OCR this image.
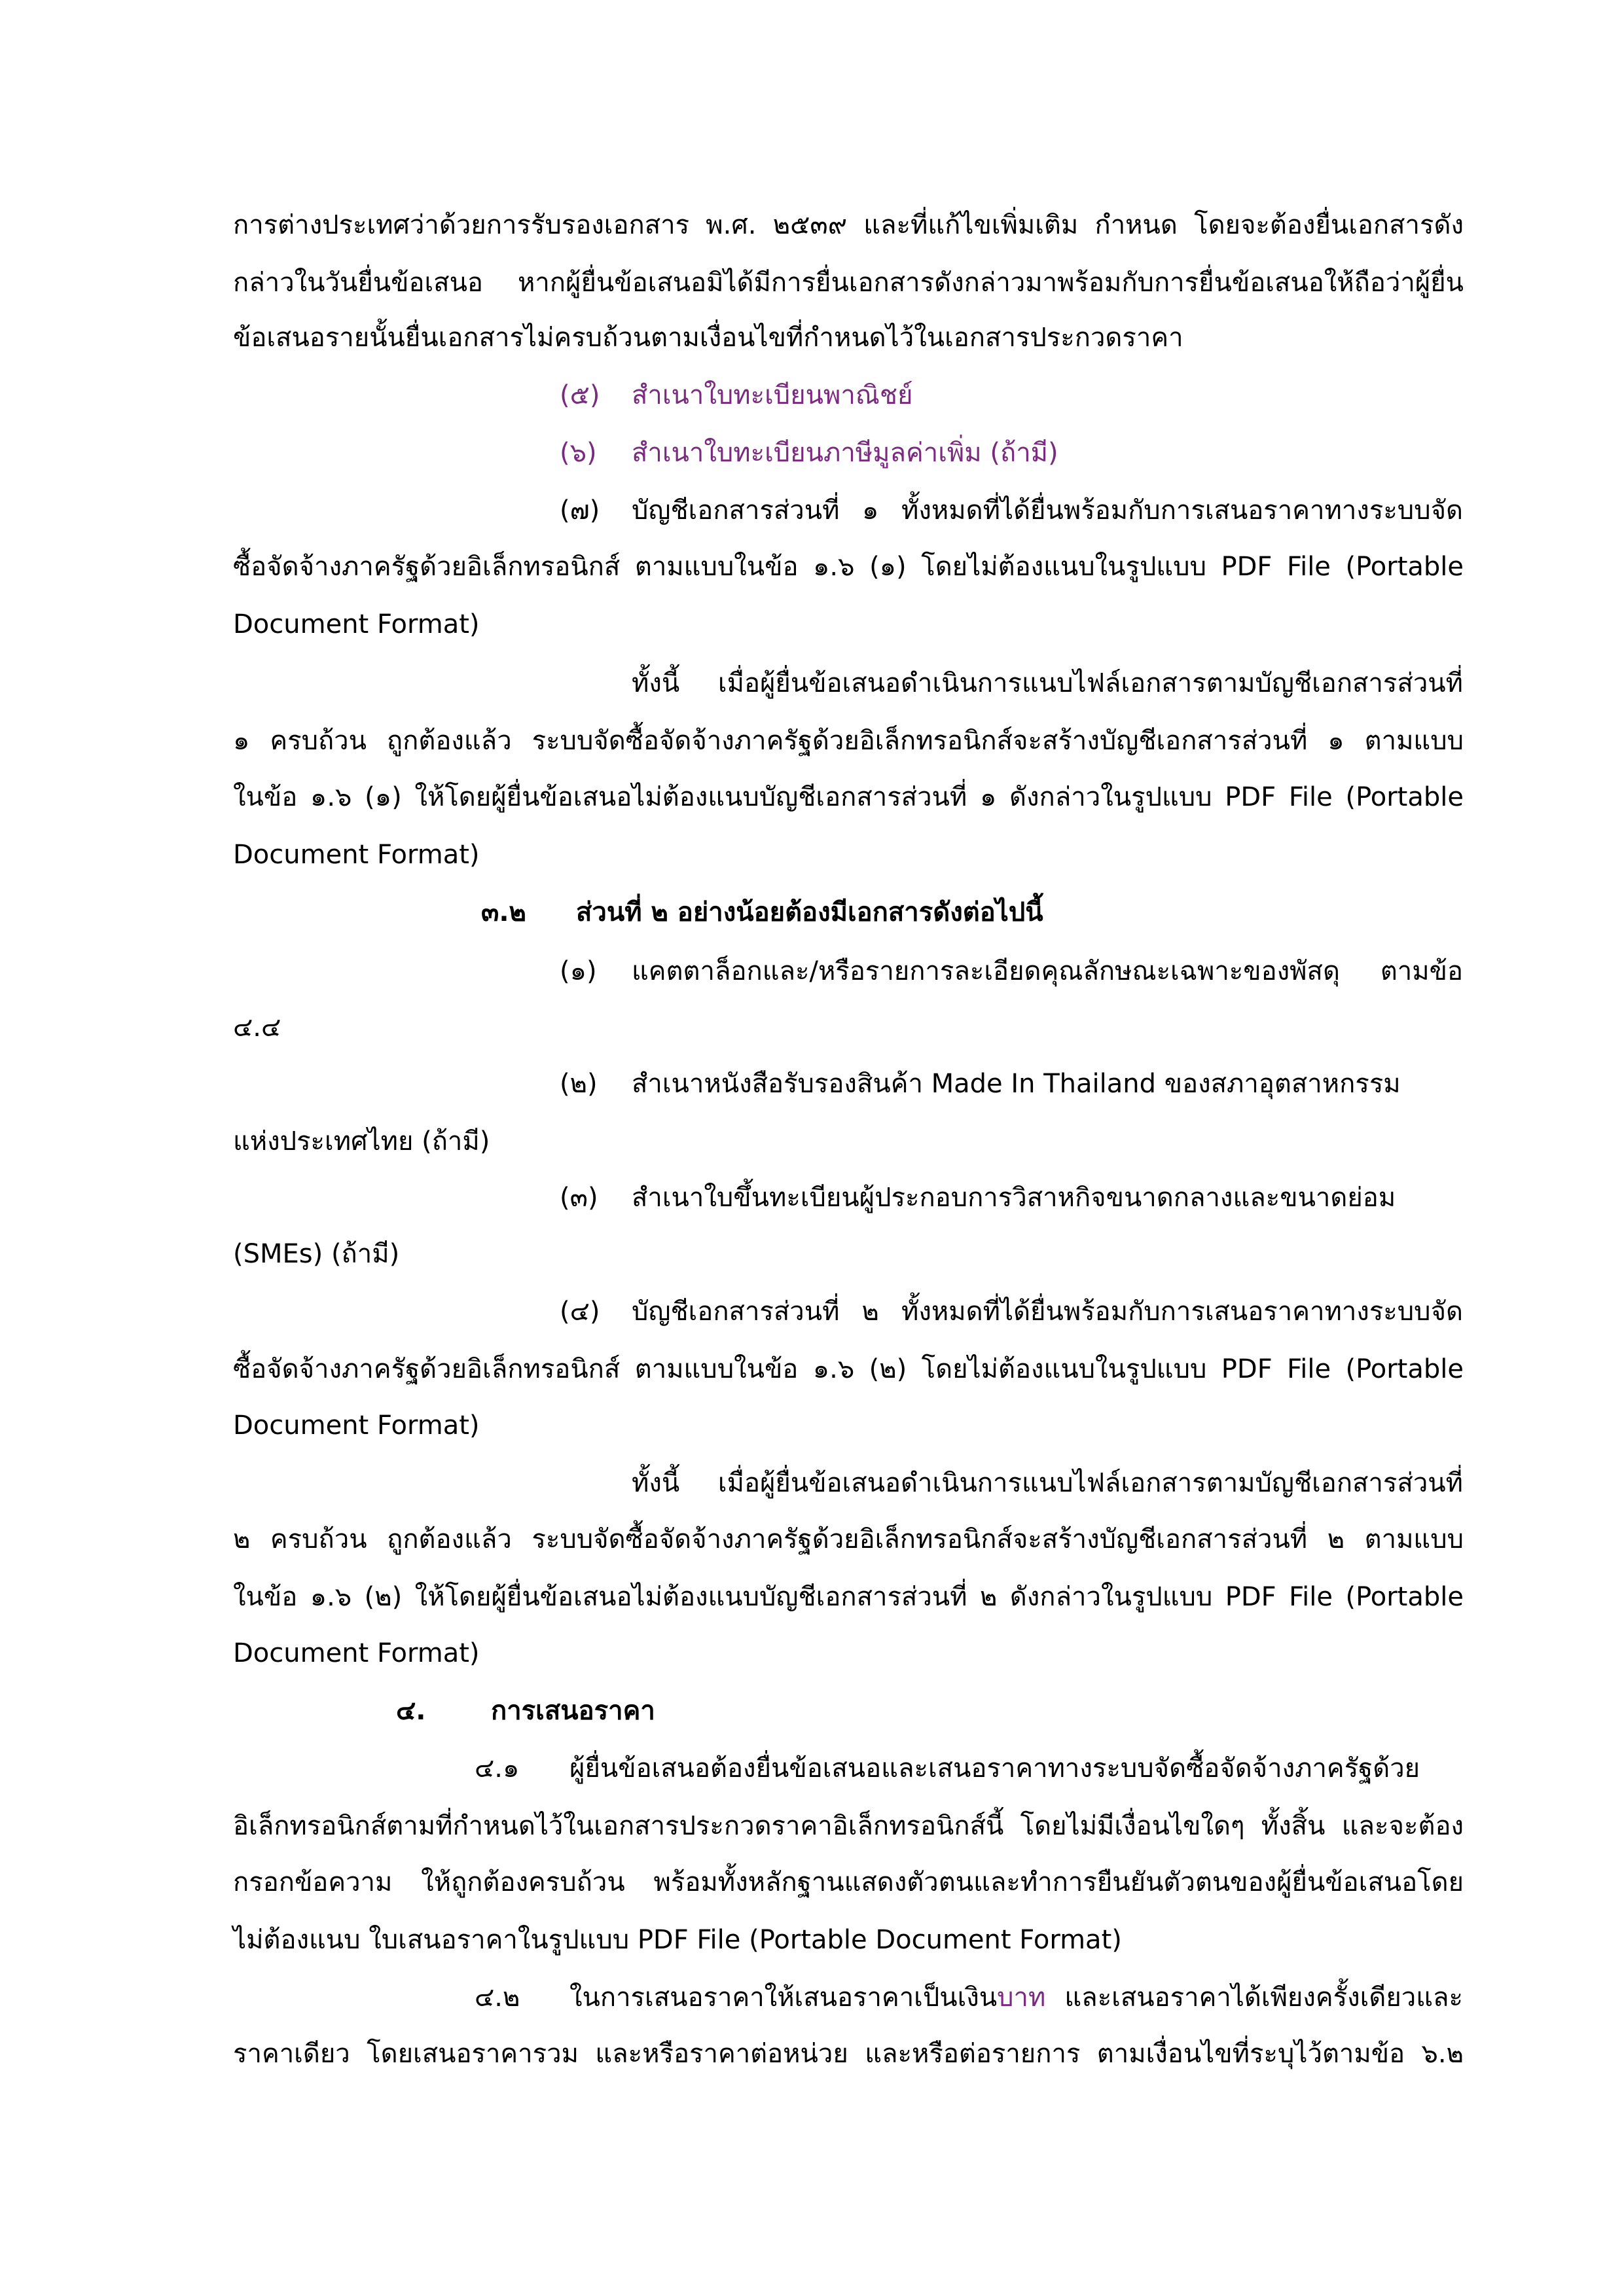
การต่างประเทศว่าด้วยการรับรองเอกสาร พ.ศ. ๒๕๓๙ และที่แก้ไขเพิ่มเติม กำหนด โดยจะต้องยื่นเอกสารดัง
กล่าวในวันยื่นข้อเสนอ หากผู้ยื่นข้อเสนอมิได้มีการยื่นเอกสารดังกล่าวมาพร้อมกับการยื่นข้อเสนอให้ถือว่าผู้ยื่น
ข้อเสนอรายนั้นยื่นเอกสารไม่ครบถ้วนตามเงื่อนไขที่กำหนดไว้ในเอกสารประกวดราคา
(๕) สำเนาใบทะเบียนพาณิชย์
(๖) สำเนาใบทะเบียนภาษีมูลค่าเพิ่ม (ถ้ามี)
(๗) บัญชีเอกสารส่วนที่ ๑ ทั้งหมดที่ได้ยื่นพร้อมกับการเสนอราคาทางระบบจัด
ซื้อจัดจ้างภาครัฐด้วยอิเล็กทรอนิกส์ ตามแบบในข้อ ๑.๖ (๑) โดยไม่ต้องแนบในรูปแบบ PDF File (Portable
Document Format)
ทั้งนี้ เมื่อผู้ยื่นข้อเสนอดำเนินการแนบไฟล์เอกสารตามบัญชีเอกสารส่วนที่
๑ ครบถ้วน ถูกต้องแล้ว ระบบจัดซื้อจัดจ้างภาครัฐด้วยอิเล็กทรอนิกส์จะสร้างบัญชีเอกสารส่วนที่ ๑ ตามแบบ
ในข้อ ๑.๖ (๑) ให้โดยผู้ยื่นข้อเสนอไม่ต้องแนบบัญชีเอกสารส่วนที่ ๑ ดังกล่าวในรูปแบบ PDF File (Portable
Document Format)
๓.๒ ส่วนที่ ๒ อย่างน้อยต้องมีเอกสารดังต่อไปนี้
(๑) แคตตาล็อกและ/หรือรายการละเอียดคุณลักษณะเฉพาะของพัสดุ ตามข้อ
๔.๔
(๒) สำเนาหนังสือรับรองสินค้า Made In Thailand ของสภาอุตสาหกรรม
แห่งประเทศไทย (ถ้ามี)
(๓) สำเนาใบขึ้นทะเบียนผู้ประกอบการวิสาหกิจขนาดกลางและขนาดย่อม
(SMEs) (ถ้ามี)
(๔) บัญชีเอกสารส่วนที่ ๒ ทั้งหมดที่ได้ยื่นพร้อมกับการเสนอราคาทางระบบจัด
ซื้อจัดจ้างภาครัฐด้วยอิเล็กทรอนิกส์ ตามแบบในข้อ ๑.๖ (๒) โดยไม่ต้องแนบในรูปแบบ PDF File (Portable
Document Format)
ทั้งนี้ เมื่อผู้ยื่นข้อเสนอดำเนินการแนบไฟล์เอกสารตามบัญชีเอกสารส่วนที่
๒ ครบถ้วน ถูกต้องแล้ว ระบบจัดซื้อจัดจ้างภาครัฐด้วยอิเล็กทรอนิกส์จะสร้างบัญชีเอกสารส่วนที่ ๒ ตามแบบ
ในข้อ ๑.๖ (๒) ให้โดยผู้ยื่นข้อเสนอไม่ต้องแนบบัญชีเอกสารส่วนที่ ๒ ดังกล่าวในรูปแบบ PDF File (Portable
Document Format)
๔. การเสนอราคา
๔.๑ ผู้ยื่นข้อเสนอต้องยื่นข้อเสนอและเสนอราคาทางระบบจัดซื้อจัดจ้างภาครัฐด้วย
อิเล็กทรอนิกส์ตามที่กำหนดไว้ในเอกสารประกวดราคาอิเล็กทรอนิกส์นี้ โดยไม่มีเงื่อนไขใดๆ ทั้งสิ้น และจะต้อง
กรอกข้อความ ให้ถูกต้องครบถ้วน พร้อมทั้งหลักฐานแสดงตัวตนและทำการยืนยันตัวตนของผู้ยื่นข้อเสนอโดย
ไม่ต้องแนบ ใบเสนอราคาในรูปแบบ PDF File (Portable Document Format)
๔.๒ ในการเสนอราคาให้เสนอราคาเป็นเงินบาท และเสนอราคาได้เพียงครั้งเดียวและ
ราคาเดียว โดยเสนอราคารวม และหรือราคาต่อหน่วย และหรือต่อรายการ ตามเงื่อนไขที่ระบุไว้ตามข้อ ๖.๒
